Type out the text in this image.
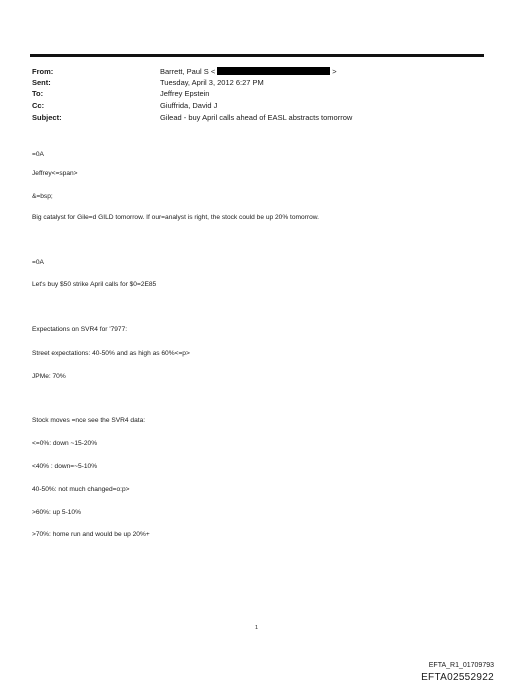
From:
Sent:
To:
Cc:
Subject:
Barrett, Paul S <	>
Tuesday, April 3, 2012 6:27 PM
Jeffrey Epstein
Giuffrida, David J
Gilead - buy April calls ahead of EASL abstracts tomorrow
=0A
Jeffrey<=span>
&=bsp;
Big catalyst for Gile=d GILD tomorrow. If our=analyst is right, the stock could be up 20% tomorrow.
=0A
Let's buy $50 strike April calls for $0=2E85
Expectations on SVR4 for '7977:
Street expectations: 40-50% and as high as 60%<=p>
JPMe: 70%
Stock moves =nce see the SVR4 data:
<=0%: down ~15-20%
<40% : down=~5-10%
40-50%: not much changed=o:p>
>60%: up 5-10%
>70%: home run and would be up 20%+
1
EFTA_R1_01709793
EFTA02552922
